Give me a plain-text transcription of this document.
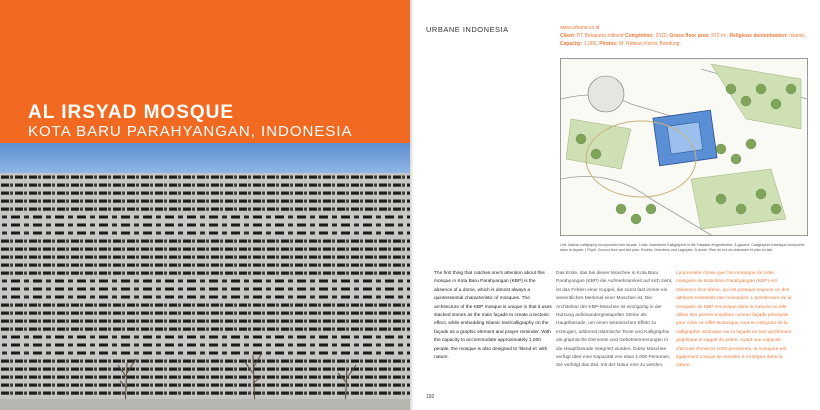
AL IRSYAD MOSQUE
KOTA BARU PARAHYANGAN, INDONESIA
URBANE INDONESIA	www.urbane.co.id
Client: PT Belaputra Intiland Completion: 2010, Gross floor area: 970 m², Religious denomination: Islamic, Capacity: 1,000, Photos: M. Ridwan Kamil, Bandung.
Left: Islamic calligraphy incorporated into façade. Links: Islamische Kalligraphie in die Fassade eingearbeitet. À gauche: Calligraphie islamique incorporée dans la façade. | Right: Ground floor and site plan. Rechts: Grundriss und Lageplan. À droite: Plan du rez-de-chaussée et plan du site.
The first thing that catches one's attention about this mosque in Kota Baru Parahyangan (KBP) is the absence of a dome, which is almost always a quintessential characteristic of mosques. The architecture of the KBP mosque is unique in that it uses stacked stones as the main façade to create a tectonic effect, while embedding Islamic text/calligraphy on the façade as a graphic element and prayer reminder. With the capacity to accommodate approximately 1,000 people, the mosque is also designed to 'blend-in' with nature.
Das Erste, das bei dieser Moschee in Kota Baru Parahyangan (KBP) die Aufmerksamkeit auf sich zieht, ist das Fehlen einer Kuppel, die sonst fast immer ein wesentliches Merkmal einer Moschee ist. Die Architektur der KBP-Moschee ist einzigartig in der Nutzung aufeinandergestapelter Steine als Hauptfassade, um einen tektonischen Effekt zu erzeugen, während islamische Texte und Kalligraphie als graphische Elemente und Gebetserinnerungen in die Hauptfassade integriert wurden. Diese Moschee verfügt über eine Kapazität von etwa 1.000 Personen. Sie verfolgt das Ziel, mit der Natur eins zu werden.
La première chose que l'on remarque de cette mosquée de Kota Baru Parahyangan (KBP) est l'absence d'un dôme, qui est presque toujours un des attributs essentiels des mosquées. L'architecture de la mosquée de KBP est unique dans la mesure où elle utilise des pierres empilées comme façade principale pour créer un effet tectonique, tout en intégrant de la calligraphie islamique sur la façade en tant qu'élément graphique et rappel de prière. Ayant une capacité d'accueil d'environ 1000 personnes, la mosquée est également conçue de manière à s'intégrer dans la nature.
192
